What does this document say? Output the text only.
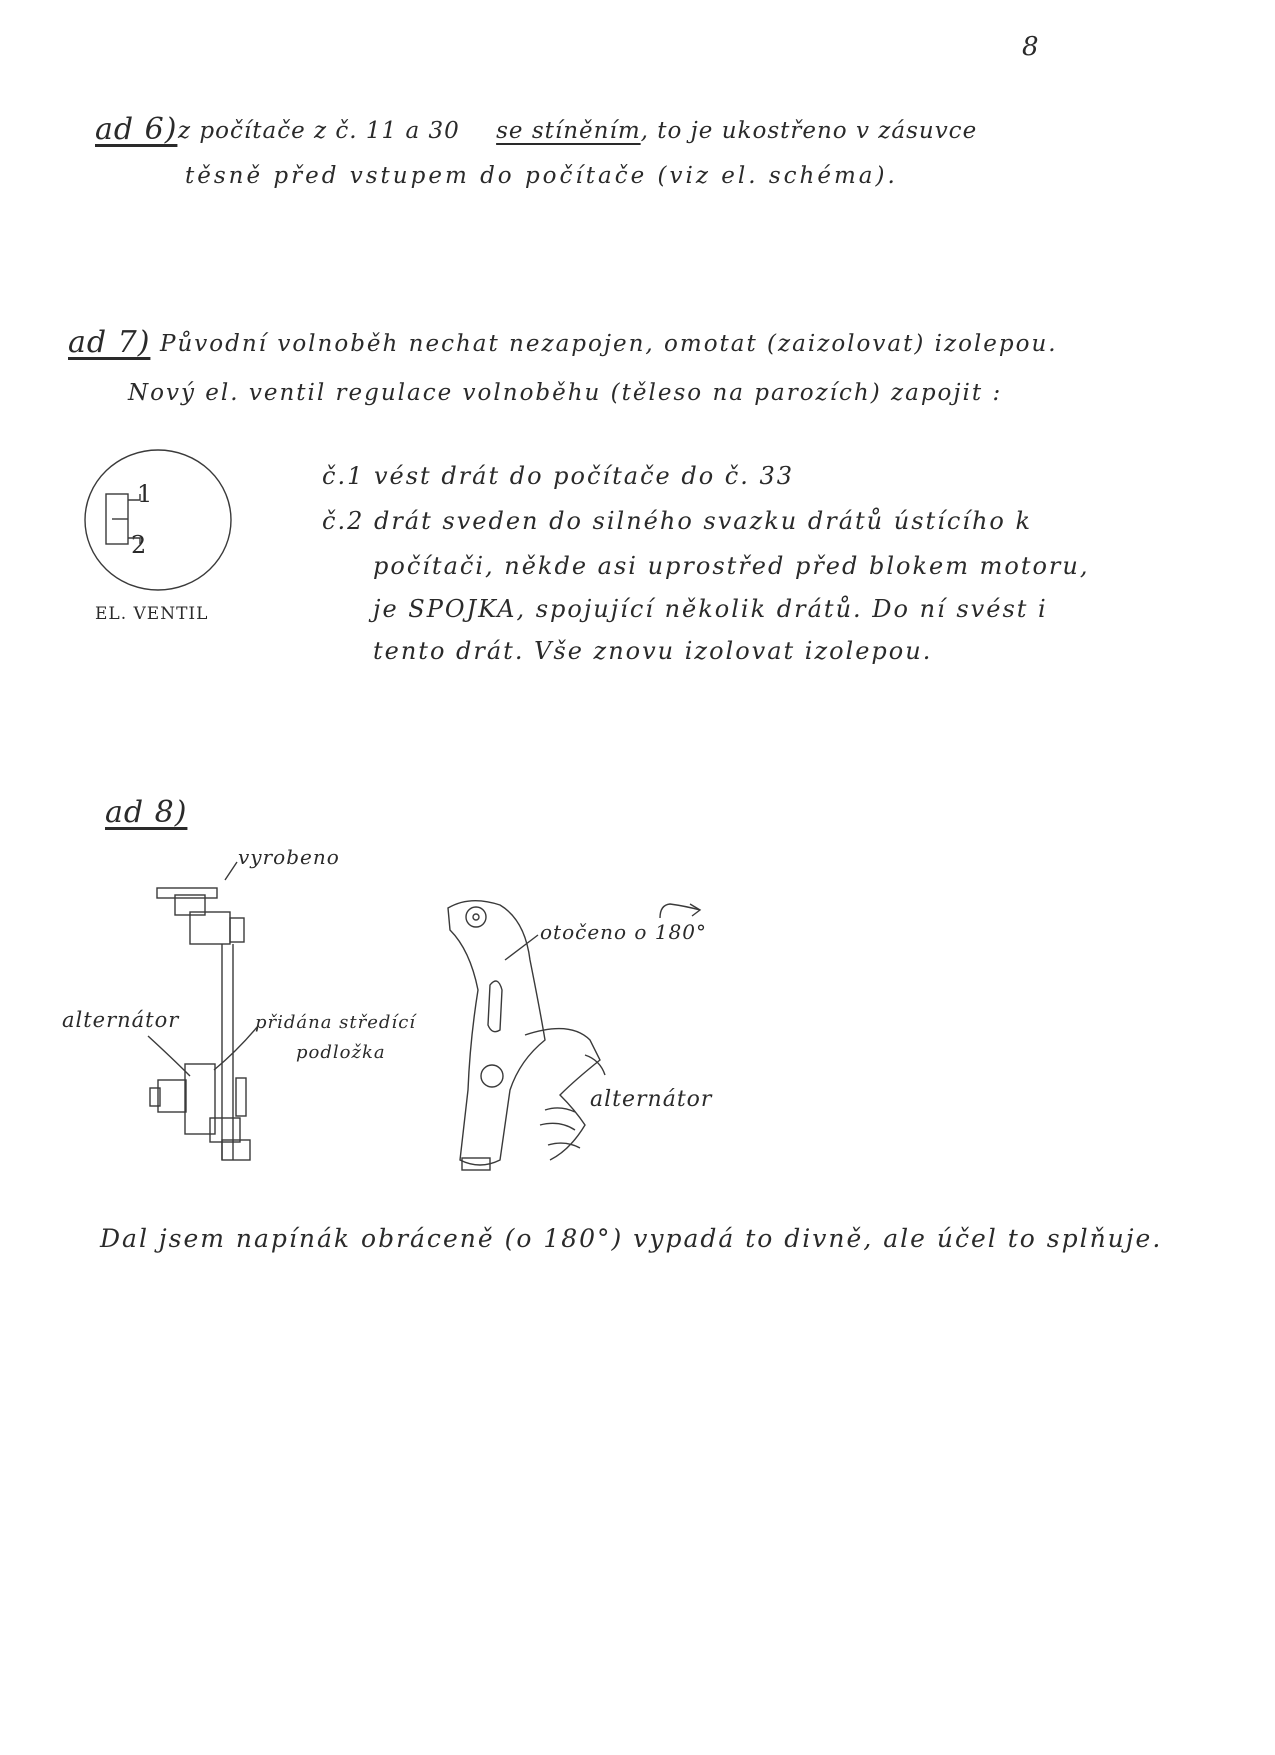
8
ad 6) z počítače z č. 11 a 30 se stíněním, to je ukostřeno v zásuvce
těsně před vstupem do počítače (viz el. schéma).
ad 7) Původní volnoběh nechat nezapojen, omotat (zaizolovat) izolepou.
Nový el. ventil regulace volnoběhu (těleso na parozích) zapojit :
1
2
EL. VENTIL
č.1 vést drát do počítače do č. 33
č.2 drát sveden do silného svazku drátů ústícího k
počítači, někde asi uprostřed před blokem motoru,
je SPOJKA, spojující několik drátů. Do ní svést i
tento drát. Vše znovu izolovat izolepou.
ad 8)
vyrobeno
alternátor	přidána středící
podložka
otočeno o 180°
alternátor
Dal jsem napínák obráceně (o 180°) vypadá to divně, ale účel to splňuje.
